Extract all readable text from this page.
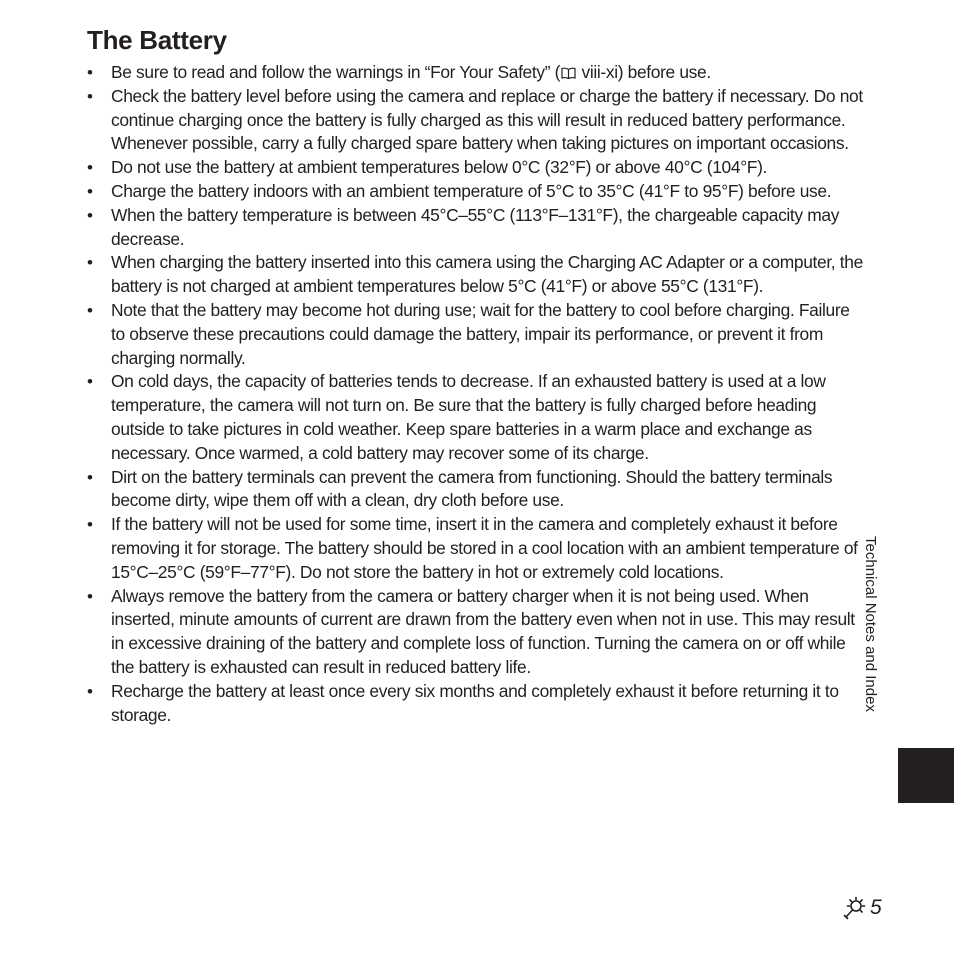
The Battery
• Be sure to read and follow the warnings in “For Your Safety” ( viii-xi) before use.
• Check the battery level before using the camera and replace or charge the battery if necessary. Do not continue charging once the battery is fully charged as this will result in reduced battery performance. Whenever possible, carry a fully charged spare battery when taking pictures on important occasions.
• Do not use the battery at ambient temperatures below 0°C (32°F) or above 40°C (104°F).
• Charge the battery indoors with an ambient temperature of 5°C to 35°C (41°F to 95°F) before use.
• When the battery temperature is between 45°C–55°C (113°F–131°F), the chargeable capacity may decrease.
• When charging the battery inserted into this camera using the Charging AC Adapter or a computer, the battery is not charged at ambient temperatures below 5°C (41°F) or above 55°C (131°F).
• Note that the battery may become hot during use; wait for the battery to cool before charging. Failure to observe these precautions could damage the battery, impair its performance, or prevent it from charging normally.
• On cold days, the capacity of batteries tends to decrease. If an exhausted battery is used at a low temperature, the camera will not turn on. Be sure that the battery is fully charged before heading outside to take pictures in cold weather. Keep spare batteries in a warm place and exchange as necessary. Once warmed, a cold battery may recover some of its charge.
• Dirt on the battery terminals can prevent the camera from functioning. Should the battery terminals become dirty, wipe them off with a clean, dry cloth before use.
• If the battery will not be used for some time, insert it in the camera and completely exhaust it before removing it for storage. The battery should be stored in a cool location with an ambient temperature of 15°C–25°C (59°F–77°F). Do not store the battery in hot or extremely cold locations.
• Always remove the battery from the camera or battery charger when it is not being used. When inserted, minute amounts of current are drawn from the battery even when not in use. This may result in excessive draining of the battery and complete loss of function. Turning the camera on or off while the battery is exhausted can result in reduced battery life.
• Recharge the battery at least once every six months and completely exhaust it before returning it to storage.
Technical Notes and Index
5
